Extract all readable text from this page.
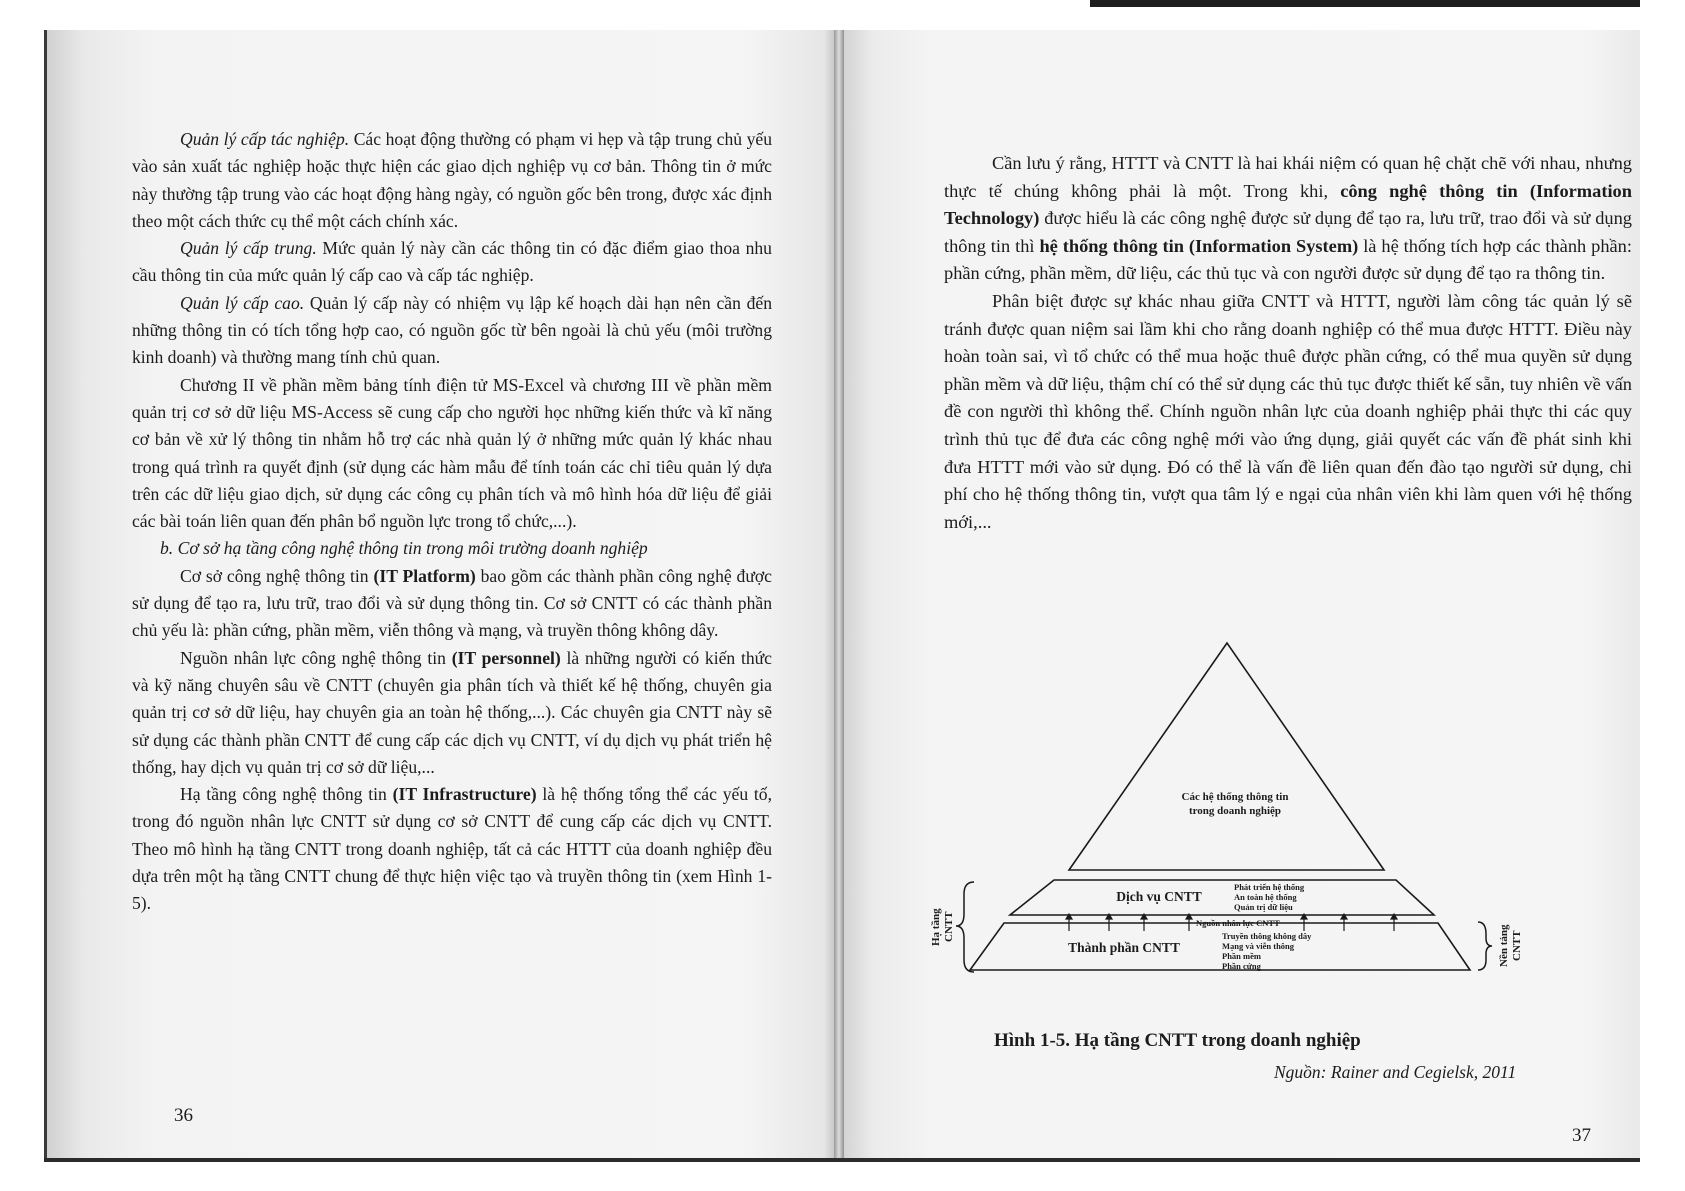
Quản lý cấp tác nghiệp. Các hoạt động thường có phạm vi hẹp và tập trung chủ yếu vào sản xuất tác nghiệp hoặc thực hiện các giao dịch nghiệp vụ cơ bản. Thông tin ở mức này thường tập trung vào các hoạt động hàng ngày, có nguồn gốc bên trong, được xác định theo một cách thức cụ thể một cách chính xác.

Quản lý cấp trung. Mức quản lý này cần các thông tin có đặc điểm giao thoa nhu cầu thông tin của mức quản lý cấp cao và cấp tác nghiệp.

Quản lý cấp cao. Quản lý cấp này có nhiệm vụ lập kế hoạch dài hạn nên cần đến những thông tin có tích tổng hợp cao, có nguồn gốc từ bên ngoài là chủ yếu (môi trường kinh doanh) và thường mang tính chủ quan.

Chương II về phần mềm bảng tính điện tử MS-Excel và chương III về phần mềm quản trị cơ sở dữ liệu MS-Access sẽ cung cấp cho người học những kiến thức và kĩ năng cơ bản về xử lý thông tin nhằm hỗ trợ các nhà quản lý ở những mức quản lý khác nhau trong quá trình ra quyết định (sử dụng các hàm mẫu để tính toán các chỉ tiêu quản lý dựa trên các dữ liệu giao dịch, sử dụng các công cụ phân tích và mô hình hóa dữ liệu để giải các bài toán liên quan đến phân bổ nguồn lực trong tổ chức,...).

b. Cơ sở hạ tầng công nghệ thông tin trong môi trường doanh nghiệp

Cơ sở công nghệ thông tin (IT Platform) bao gồm các thành phần công nghệ được sử dụng để tạo ra, lưu trữ, trao đổi và sử dụng thông tin. Cơ sở CNTT có các thành phần chủ yếu là: phần cứng, phần mềm, viễn thông và mạng, và truyền thông không dây.

Nguồn nhân lực công nghệ thông tin (IT personnel) là những người có kiến thức và kỹ năng chuyên sâu về CNTT (chuyên gia phân tích và thiết kế hệ thống, chuyên gia quản trị cơ sở dữ liệu, hay chuyên gia an toàn hệ thống,...). Các chuyên gia CNTT này sẽ sử dụng các thành phần CNTT để cung cấp các dịch vụ CNTT, ví dụ dịch vụ phát triển hệ thống, hay dịch vụ quản trị cơ sở dữ liệu,...

Hạ tầng công nghệ thông tin (IT Infrastructure) là hệ thống tổng thể các yếu tố, trong đó nguồn nhân lực CNTT sử dụng cơ sở CNTT để cung cấp các dịch vụ CNTT. Theo mô hình hạ tầng CNTT trong doanh nghiệp, tất cả các HTTT của doanh nghiệp đều dựa trên một hạ tầng CNTT chung để thực hiện việc tạo và truyền thông tin (xem Hình 1-5).

36

Cần lưu ý rằng, HTTT và CNTT là hai khái niệm có quan hệ chặt chẽ với nhau, nhưng thực tế chúng không phải là một. Trong khi, công nghệ thông tin (Information Technology) được hiểu là các công nghệ được sử dụng để tạo ra, lưu trữ, trao đổi và sử dụng thông tin thì hệ thống thông tin (Information System) là hệ thống tích hợp các thành phần: phần cứng, phần mềm, dữ liệu, các thủ tục và con người được sử dụng để tạo ra thông tin.

Phân biệt được sự khác nhau giữa CNTT và HTTT, người làm công tác quản lý sẽ tránh được quan niệm sai lầm khi cho rằng doanh nghiệp có thể mua được HTTT. Điều này hoàn toàn sai, vì tổ chức có thể mua hoặc thuê được phần cứng, có thể mua quyền sử dụng phần mềm và dữ liệu, thậm chí có thể sử dụng các thủ tục được thiết kế sẵn, tuy nhiên về vấn đề con người thì không thể. Chính nguồn nhân lực của doanh nghiệp phải thực thi các quy trình thủ tục để đưa các công nghệ mới vào ứng dụng, giải quyết các vấn đề phát sinh khi đưa HTTT mới vào sử dụng. Đó có thể là vấn đề liên quan đến đào tạo người sử dụng, chi phí cho hệ thống thông tin, vượt qua tâm lý e ngại của nhân viên khi làm quen với hệ thống mới,...

Các hệ thống thông tin
trong doanh nghiệp
Dịch vụ CNTT
Phát triển hệ thống
An toàn hệ thống
Quản trị dữ liệu
Nguồn nhân lực CNTT
Thành phần CNTT
Truyền thông không dây
Mạng và viễn thông
Phần mềm
Phần cứng
Hạ tầng CNTT	Nền tảng CNTT
Hình 1-5. Hạ tầng CNTT trong doanh nghiệp
Nguồn: Rainer and Cegielsk, 2011
37
